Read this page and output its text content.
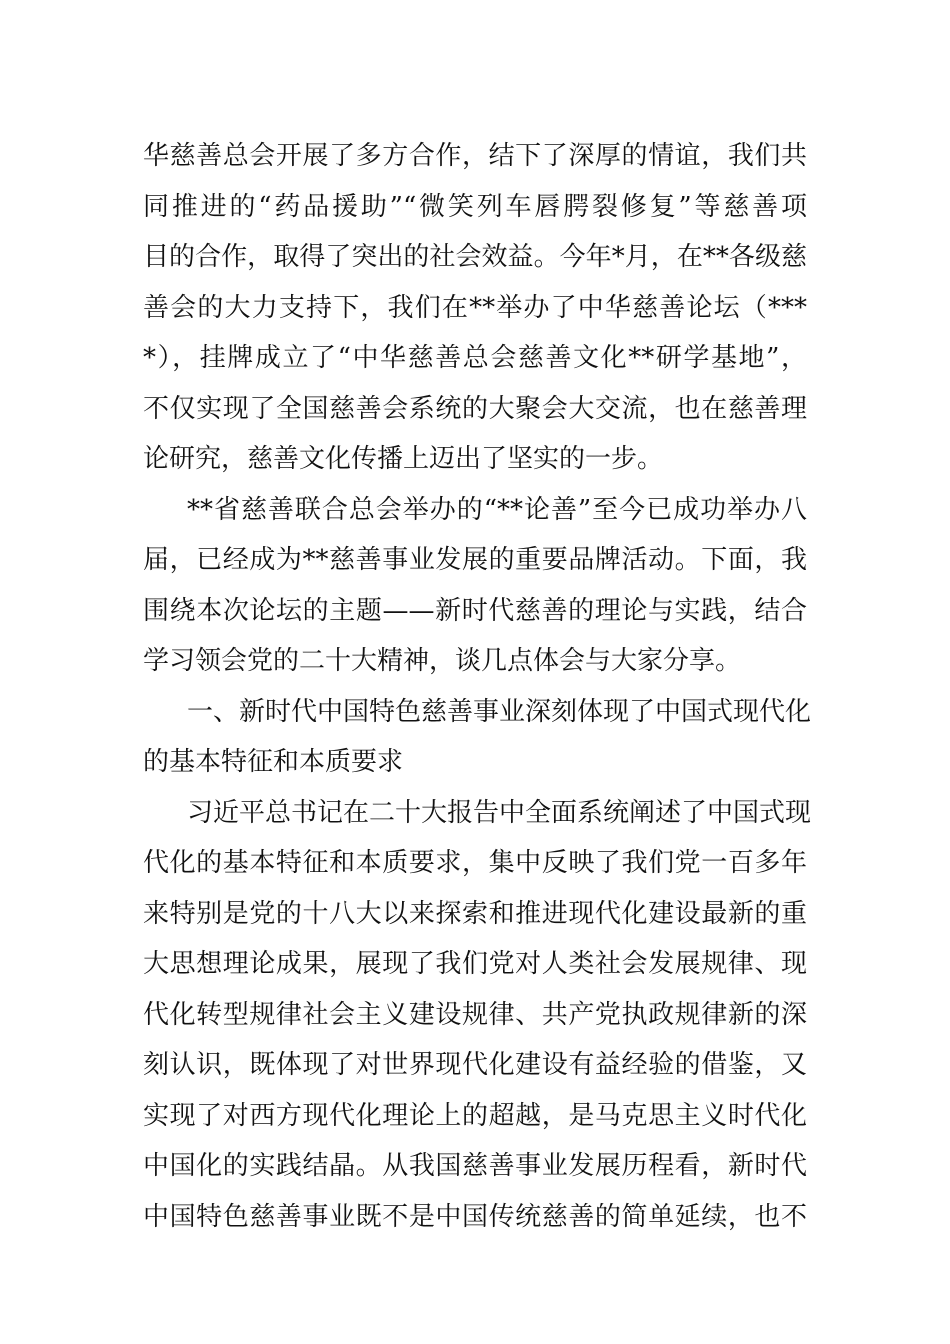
华慈善总会开展了多方合作，结下了深厚的情谊，我们共
同推进的“药品援助”“微笑列车唇腭裂修复”等慈善项
目的合作，取得了突出的社会效益。今年*月，在**各级慈
善会的大力支持下，我们在**举办了中华慈善论坛（***
*），挂牌成立了“中华慈善总会慈善文化**研学基地”，
不仅实现了全国慈善会系统的大聚会大交流，也在慈善理
论研究，慈善文化传播上迈出了坚实的一步。
**省慈善联合总会举办的“**论善”至今已成功举办八
届，已经成为**慈善事业发展的重要品牌活动。下面，我
围绕本次论坛的主题——新时代慈善的理论与实践，结合
学习领会党的二十大精神，谈几点体会与大家分享。
一、新时代中国特色慈善事业深刻体现了中国式现代化
的基本特征和本质要求
习近平总书记在二十大报告中全面系统阐述了中国式现
代化的基本特征和本质要求，集中反映了我们党一百多年
来特别是党的十八大以来探索和推进现代化建设最新的重
大思想理论成果，展现了我们党对人类社会发展规律、现
代化转型规律社会主义建设规律、共产党执政规律新的深
刻认识，既体现了对世界现代化建设有益经验的借鉴，又
实现了对西方现代化理论上的超越，是马克思主义时代化
中国化的实践结晶。从我国慈善事业发展历程看，新时代
中国特色慈善事业既不是中国传统慈善的简单延续，也不
